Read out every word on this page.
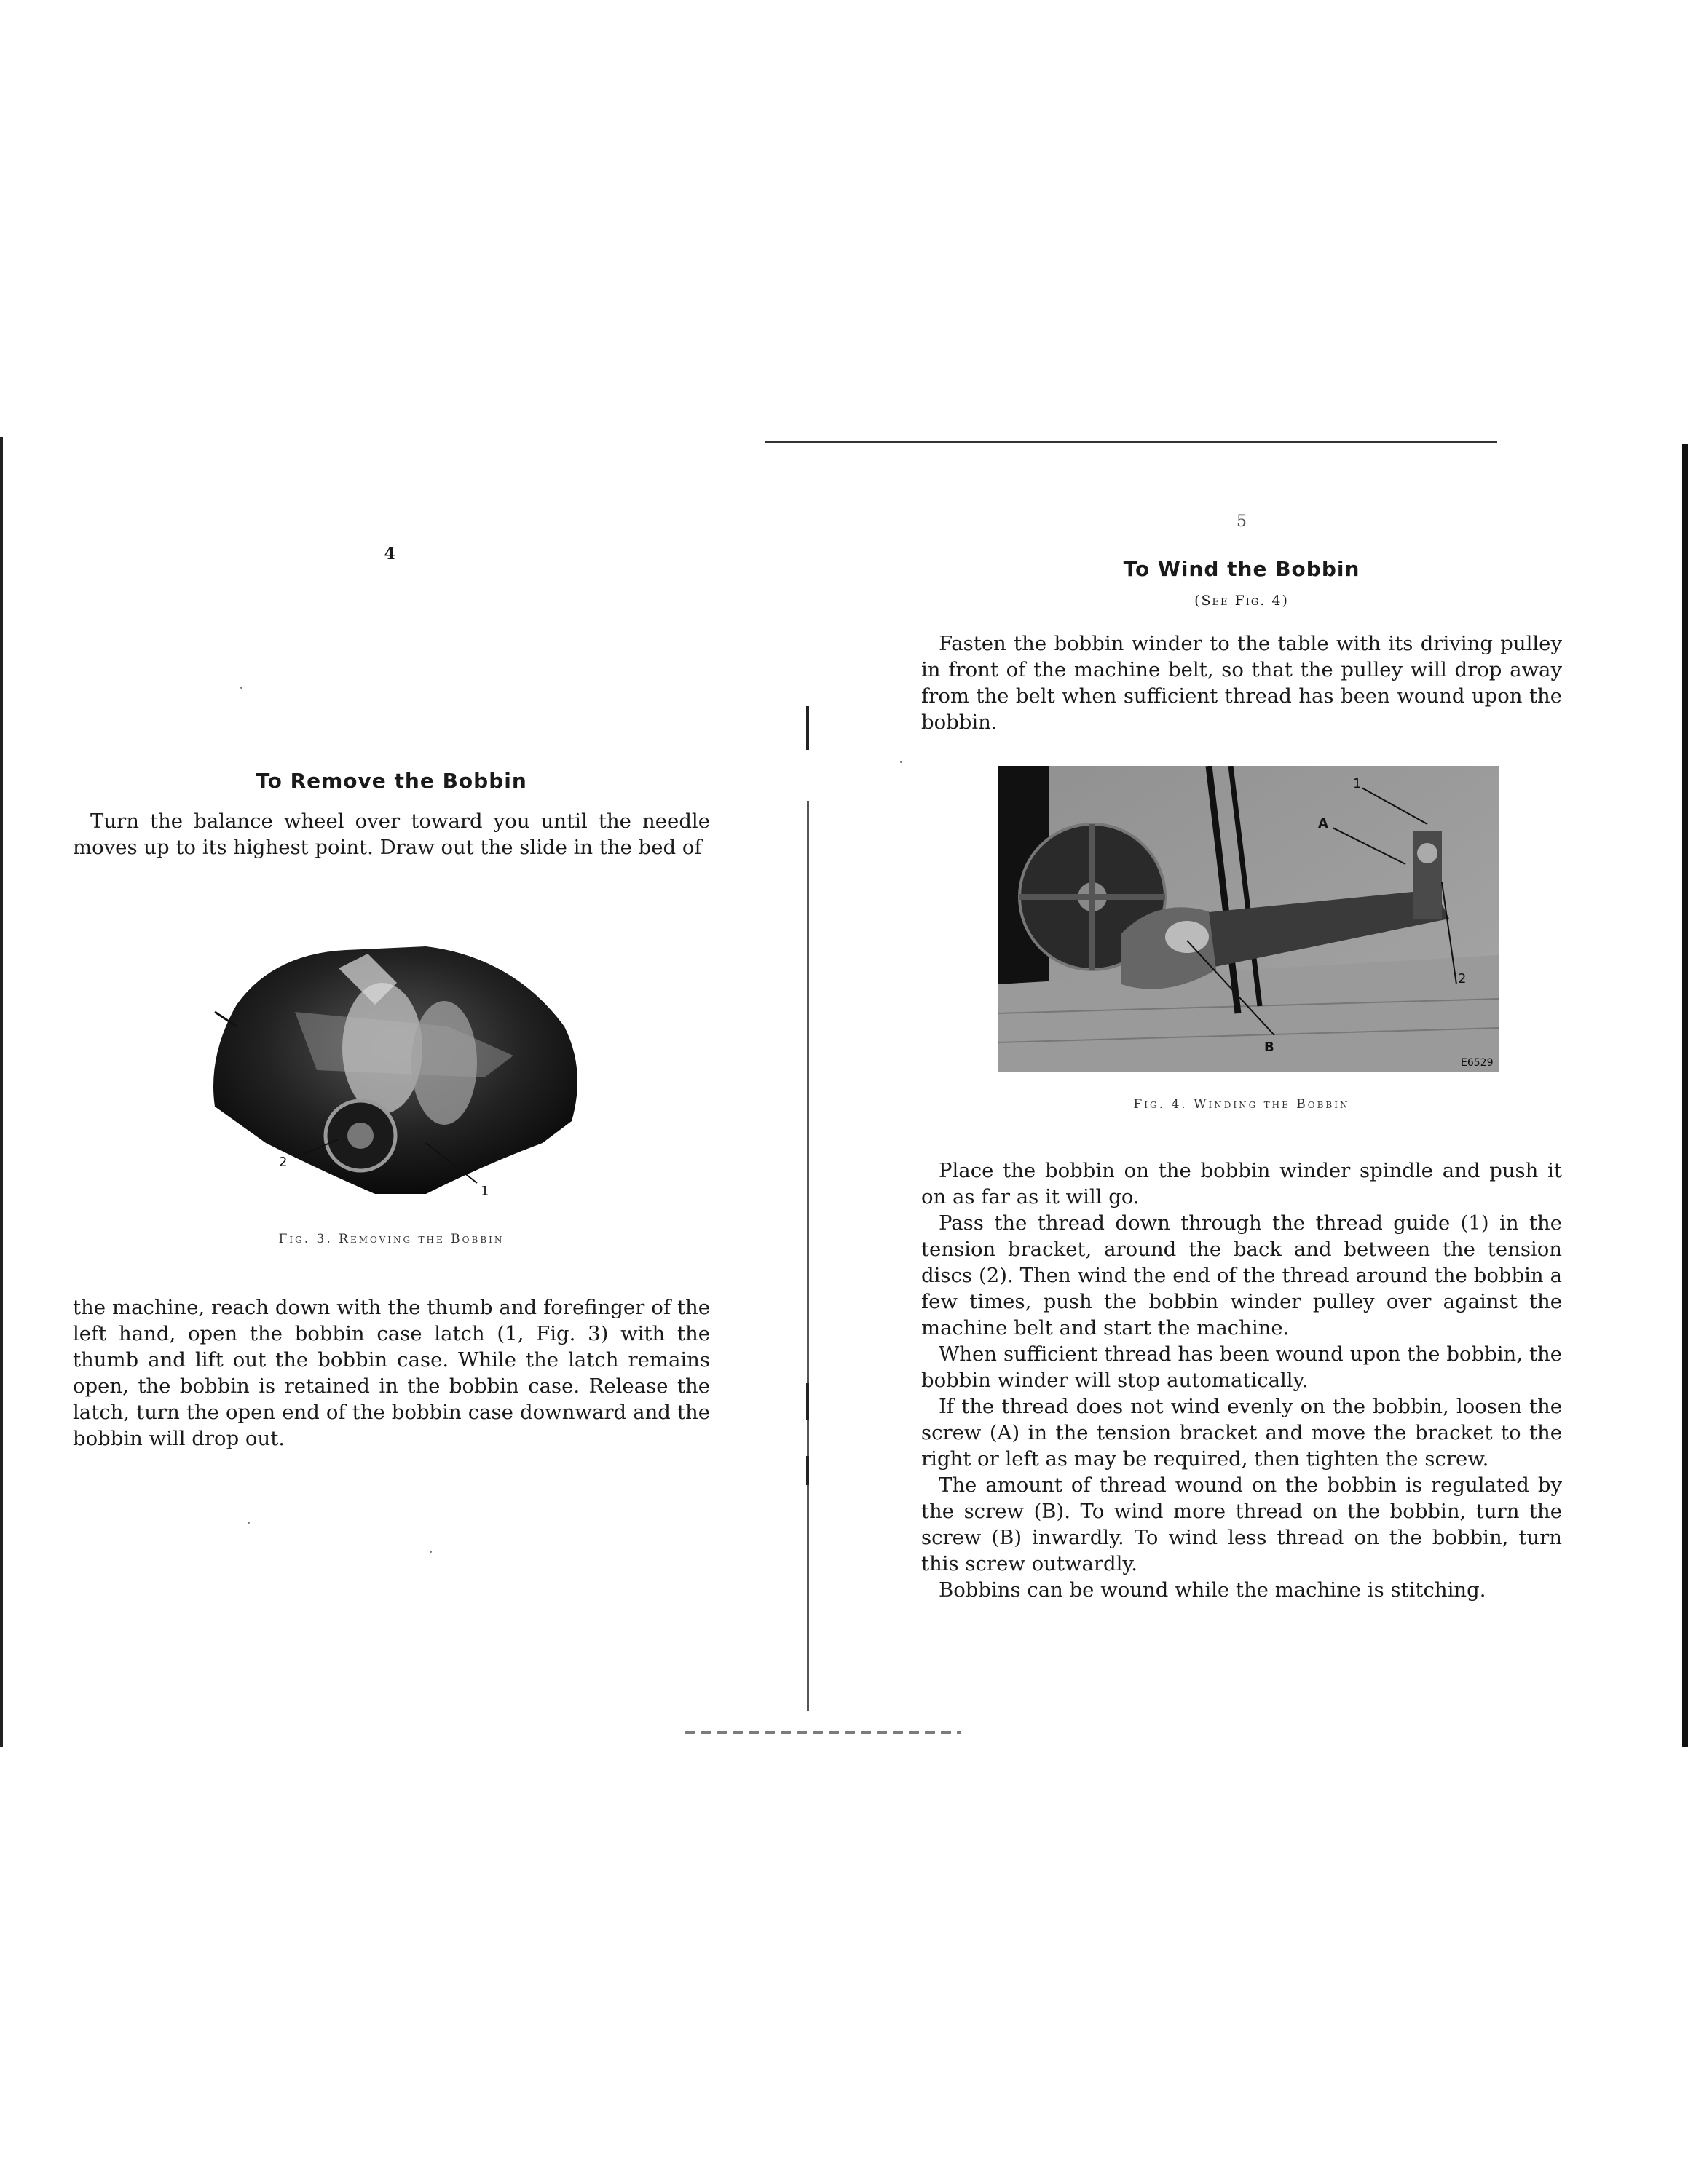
4
To Remove the Bobbin

Turn the balance wheel over toward you until the needle moves up to its highest point. Draw out the slide in the bed of

2
1
Fig. 3. Removing the Bobbin

the machine, reach down with the thumb and forefinger of the left hand, open the bobbin case latch (1, Fig. 3) with the thumb and lift out the bobbin case. While the latch remains open, the bobbin is retained in the bobbin case. Release the latch, turn the open end of the bobbin case downward and the bobbin will drop out.

5
To Wind the Bobbin
(See Fig. 4)

Fasten the bobbin winder to the table with its driving pulley in front of the machine belt, so that the pulley will drop away from the belt when sufficient thread has been wound upon the bobbin.

1
A
2
B
E6529
Fig. 4. Winding the Bobbin

Place the bobbin on the bobbin winder spindle and push it on as far as it will go.

Pass the thread down through the thread guide (1) in the tension bracket, around the back and between the tension discs (2). Then wind the end of the thread around the bobbin a few times, push the bobbin winder pulley over against the machine belt and start the machine.

When sufficient thread has been wound upon the bobbin, the bobbin winder will stop automatically.

If the thread does not wind evenly on the bobbin, loosen the screw (A) in the tension bracket and move the bracket to the right or left as may be required, then tighten the screw.

The amount of thread wound on the bobbin is regulated by the screw (B). To wind more thread on the bobbin, turn the screw (B) inwardly. To wind less thread on the bobbin, turn this screw outwardly.

Bobbins can be wound while the machine is stitching.
